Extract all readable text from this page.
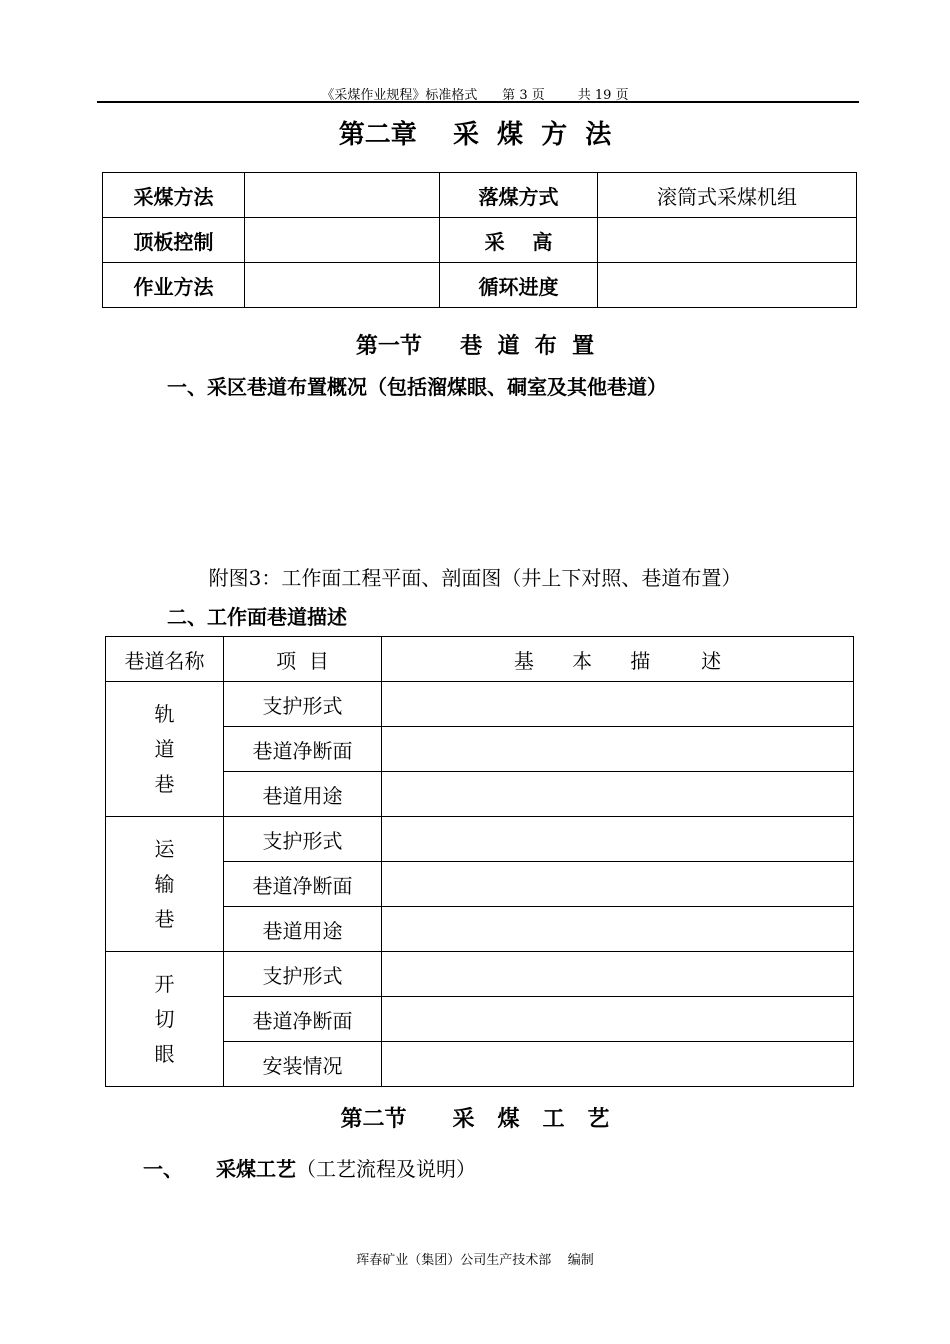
《采煤作业规程》标准格式      第 3 页        共 19 页
第二章    采  煤  方  法
采煤方法		落煤方式	滚筒式采煤机组
顶板控制		采    高	
作业方法		循环进度	
第一节     巷  道  布  置
一、采区巷道布置概况（包括溜煤眼、硐室及其他巷道）
附图3：工作面工程平面、剖面图（井上下对照、巷道布置）
二、工作面巷道描述
巷道名称	项  目	基      本      描        述
轨
道
巷	支护形式	
	巷道净断面	
	巷道用途	
运
输
巷	支护形式	
	巷道净断面	
	巷道用途	
开
切
眼	支护形式	
	巷道净断面	
	安装情况	
第二节      采   煤   工   艺
一、 采煤工艺（工艺流程及说明）
珲春矿业（集团）公司生产技术部    编制
